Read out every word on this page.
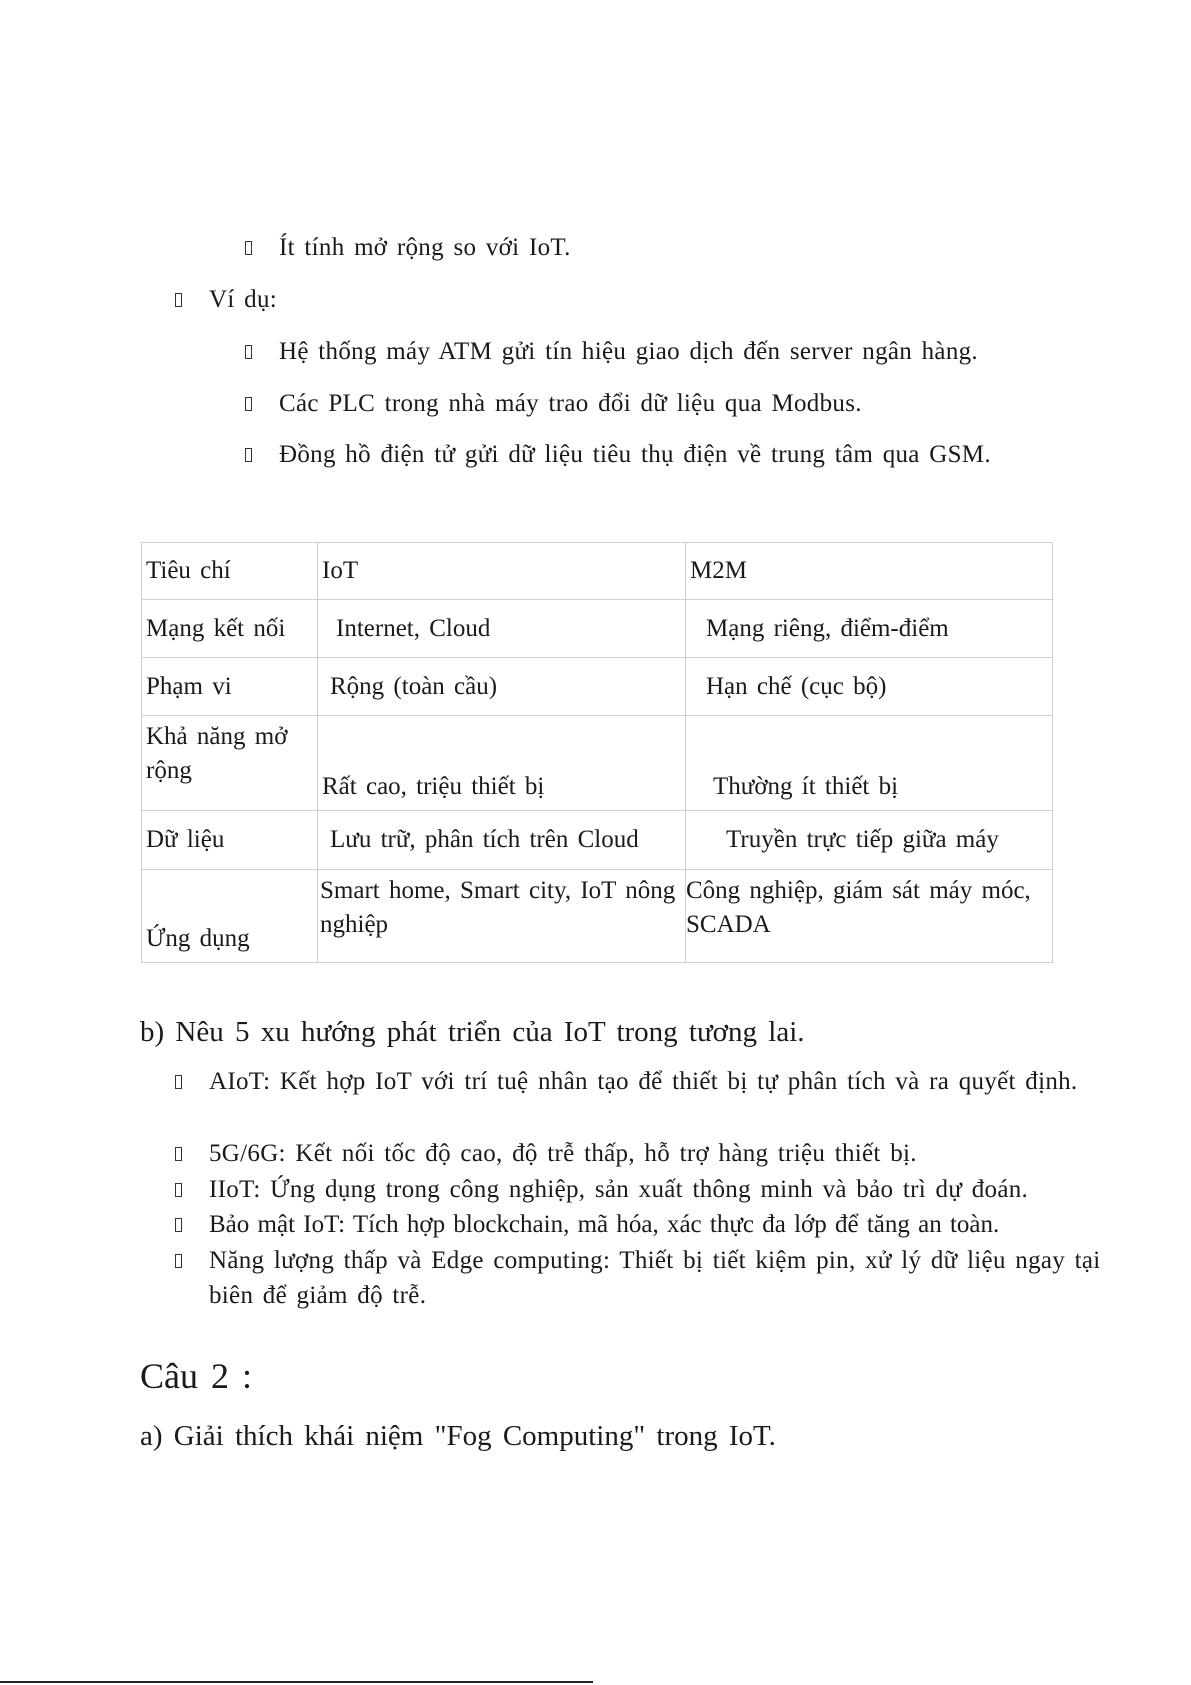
Ít tính mở rộng so với IoT.
Ví dụ:
Hệ thống máy ATM gửi tín hiệu giao dịch đến server ngân hàng.
Các PLC trong nhà máy trao đổi dữ liệu qua Modbus.
Đồng hồ điện tử gửi dữ liệu tiêu thụ điện về trung tâm qua GSM.
Tiêu chí	IoT	M2M
Mạng kết nối	Internet, Cloud	Mạng riêng, điểm-điểm
Phạm vi	Rộng (toàn cầu)	Hạn chế (cục bộ)
Khả năng mở rộng	Rất cao, triệu thiết bị	Thường ít thiết bị
Dữ liệu	Lưu trữ, phân tích trên Cloud	Truyền trực tiếp giữa máy
Ứng dụng	Smart home, Smart city, IoT nông nghiệp	Công nghiệp, giám sát máy móc, SCADA
b) Nêu 5 xu hướng phát triển của IoT trong tương lai.
AIoT: Kết hợp IoT với trí tuệ nhân tạo để thiết bị tự phân tích và ra quyết định.
5G/6G: Kết nối tốc độ cao, độ trễ thấp, hỗ trợ hàng triệu thiết bị.
IIoT: Ứng dụng trong công nghiệp, sản xuất thông minh và bảo trì dự đoán.
Bảo mật IoT: Tích hợp blockchain, mã hóa, xác thực đa lớp để tăng an toàn.
Năng lượng thấp và Edge computing: Thiết bị tiết kiệm pin, xử lý dữ liệu ngay tại biên để giảm độ trễ.
Câu 2 :
a) Giải thích khái niệm "Fog Computing" trong IoT.
